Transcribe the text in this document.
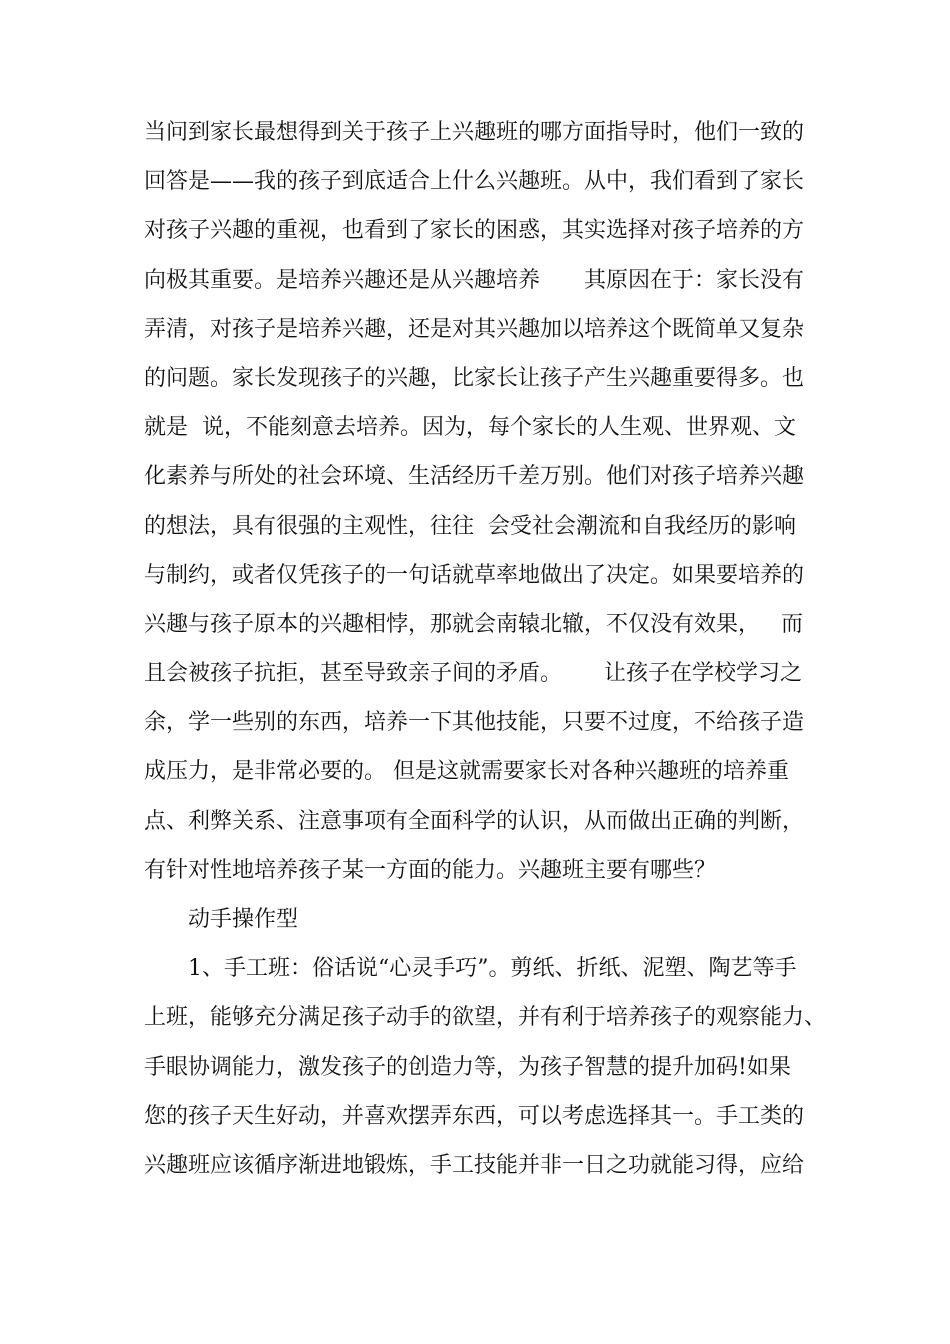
当问到家长最想得到关于孩子上兴趣班的哪方面指导时，他们一致的
回答是——我的孩子到底适合上什么兴趣班。从中，我们看到了家长
对孩子兴趣的重视，也看到了家长的困惑，其实选择对孩子培养的方
向极其重要。是培养兴趣还是从兴趣培养　　其原因在于：家长没有
弄清，对孩子是培养兴趣，还是对其兴趣加以培养这个既简单又复杂
的问题。家长发现孩子的兴趣，比家长让孩子产生兴趣重要得多。也
就是  说，不能刻意去培养。因为，每个家长的人生观、世界观、文
化素养与所处的社会环境、生活经历千差万别。他们对孩子培养兴趣
的想法，具有很强的主观性，往往  会受社会潮流和自我经历的影响
与制约，或者仅凭孩子的一句话就草率地做出了决定。如果要培养的
兴趣与孩子原本的兴趣相悖，那就会南辕北辙，不仅没有效果，   而
且会被孩子抗拒，甚至导致亲子间的矛盾。      让孩子在学校学习之
余，学一些别的东西，培养一下其他技能，只要不过度，不给孩子造
成压力，是非常必要的。 但是这就需要家长对各种兴趣班的培养重
点、利弊关系、注意事项有全面科学的认识，从而做出正确的判断，
有针对性地培养孩子某一方面的能力。兴趣班主要有哪些？
动手操作型
1、手工班：俗话说“心灵手巧”。剪纸、折纸、泥塑、陶艺等手
上班，能够充分满足孩子动手的欲望，并有利于培养孩子的观察能力、
手眼协调能力，激发孩子的创造力等，为孩子智慧的提升加码!如果
您的孩子天生好动，并喜欢摆弄东西，可以考虑选择其一。手工类的
兴趣班应该循序渐进地锻炼，手工技能并非一日之功就能习得，应给
